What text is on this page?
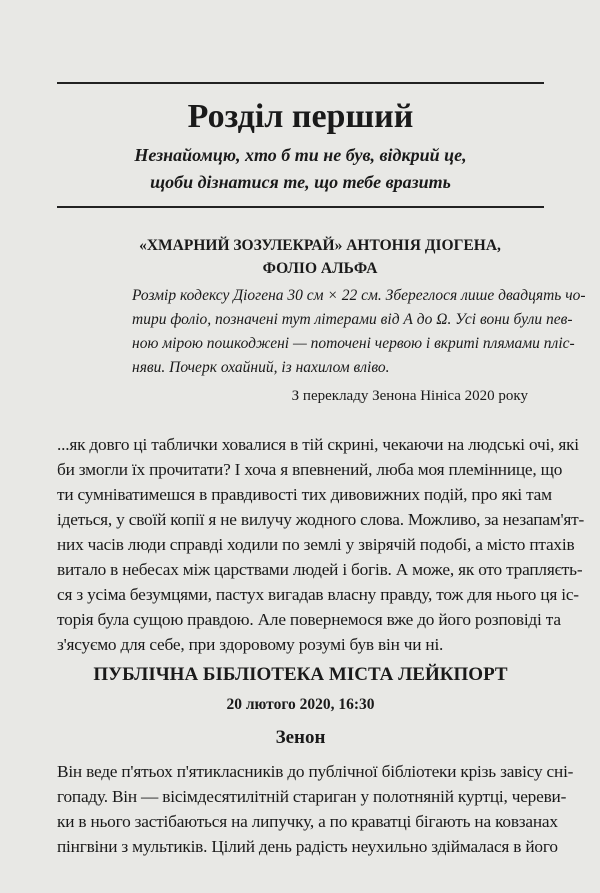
Розділ перший
Незнайомцю, хто б ти не був, відкрий це,
щоби дізнатися те, що тебе вразить
«ХМАРНИЙ ЗОЗУЛЕКРАЙ» АНТОНІЯ ДІОГЕНА,
ФОЛІО АЛЬФА
Розмір кодексу Діогена 30 см × 22 см. Збереглося лише двадцять чо-
тири фоліо, позначені тут літерами від А до Ω. Усі вони були пев-
ною мірою пошкоджені — поточені червою і вкриті плямами пліс-
няви. Почерк охайний, із нахилом вліво.
З перекладу Зенона Нініса 2020 року
...як довго ці таблички ховалися в тій скрині, чекаючи на людські очі, які
би змогли їх прочитати? І хоча я впевнений, люба моя племіннице, що
ти сумніватимешся в правдивості тих дивовижних подій, про які там
ідеться, у своїй копії я не вилучу жодного слова. Можливо, за незапам'ят-
них часів люди справді ходили по землі у звірячій подобі, а місто птахів
витало в небесах між царствами людей і богів. А може, як ото трапляєть-
ся з усіма безумцями, пастух вигадав власну правду, тож для нього ця іс-
торія була сущою правдою. Але повернемося вже до його розповіді та
з'ясуємо для себе, при здоровому розумі був він чи ні.
ПУБЛІЧНА БІБЛІОТЕКА МІСТА ЛЕЙКПОРТ
20 лютого 2020, 16:30
Зенон
Він веде п'ятьох п'ятикласників до публічної бібліотеки крізь завісу сні-
гопаду. Він — вісімдесятилітній стариган у полотняній куртці, череви-
ки в нього застібаються на липучку, а по краватці бігають на ковзанах
пінгвіни з мультиків. Цілий день радість неухильно здіймалася в його
